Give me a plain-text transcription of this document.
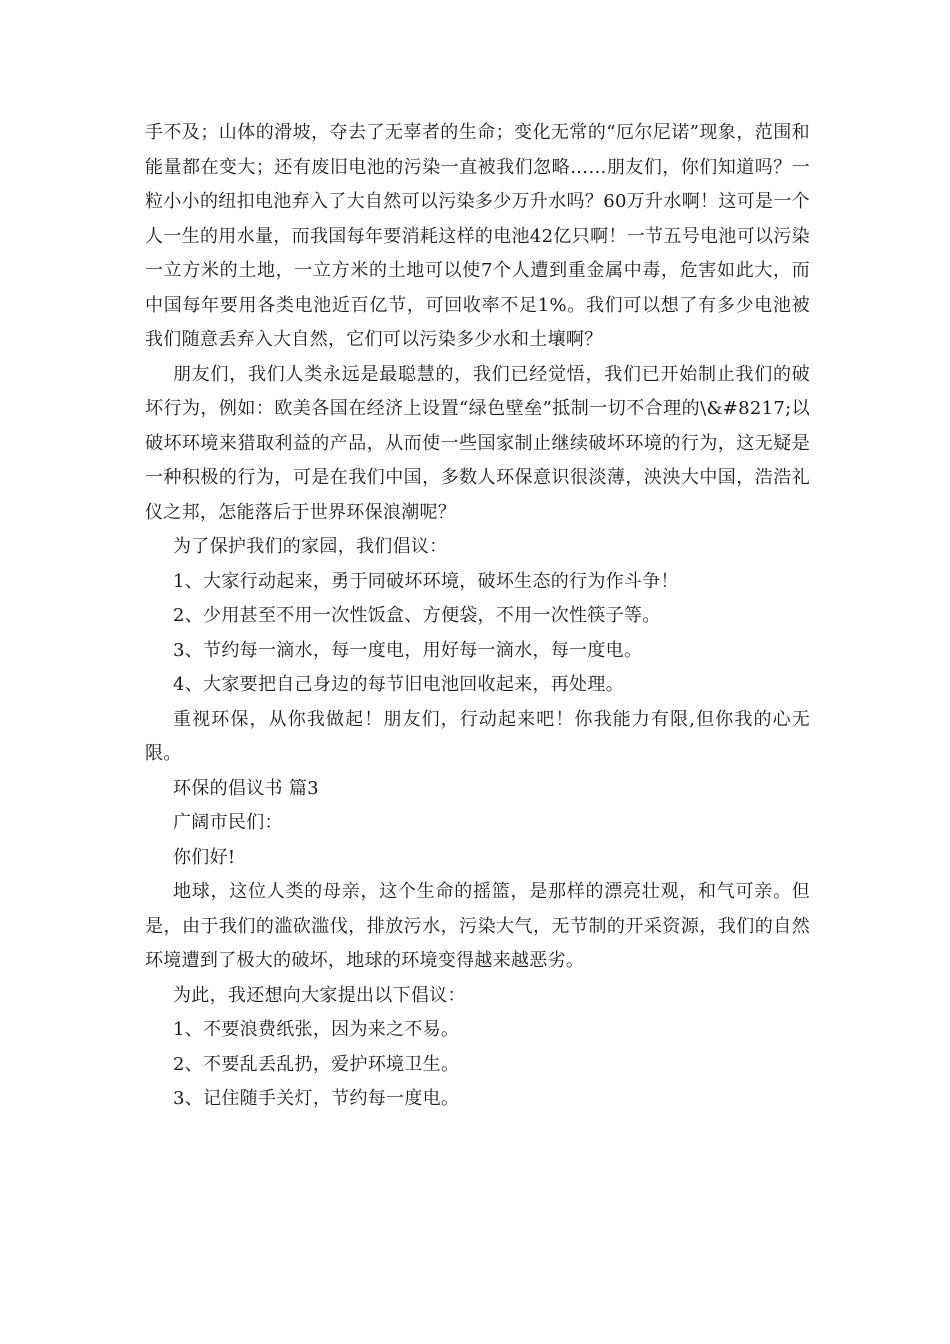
手不及；山体的滑坡，夺去了无辜者的生命；变化无常的“厄尔尼诺”现象，范围和能量都在变大；还有废旧电池的污染一直被我们忽略……朋友们，你们知道吗？一粒小小的纽扣电池弃入了大自然可以污染多少万升水吗？60万升水啊！这可是一个人一生的用水量，而我国每年要消耗这样的电池42亿只啊！一节五号电池可以污染一立方米的土地，一立方米的土地可以使7个人遭到重金属中毒，危害如此大，而中国每年要用各类电池近百亿节，可回收率不足1%。我们可以想了有多少电池被我们随意丢弃入大自然，它们可以污染多少水和土壤啊？

朋友们，我们人类永远是最聪慧的，我们已经觉悟，我们已开始制止我们的破坏行为，例如：欧美各国在经济上设置“绿色壁垒”抵制一切不合理的\&#8217;以破坏环境来猎取利益的产品，从而使一些国家制止继续破坏环境的行为，这无疑是一种积极的行为，可是在我们中国，多数人环保意识很淡薄，泱泱大中国，浩浩礼仪之邦，怎能落后于世界环保浪潮呢？

为了保护我们的家园，我们倡议：

1、大家行动起来，勇于同破坏环境，破坏生态的行为作斗争！

2、少用甚至不用一次性饭盒、方便袋，不用一次性筷子等。

3、节约每一滴水，每一度电，用好每一滴水，每一度电。

4、大家要把自己身边的每节旧电池回收起来，再处理。

重视环保，从你我做起！朋友们，行动起来吧！你我能力有限,但你我的心无限。

环保的倡议书 篇3

广阔市民们：

你们好!

地球，这位人类的母亲，这个生命的摇篮，是那样的漂亮壮观，和气可亲。但是，由于我们的滥砍滥伐，排放污水，污染大气，无节制的开采资源，我们的自然环境遭到了极大的破坏，地球的环境变得越来越恶劣。

为此，我还想向大家提出以下倡议：

1、不要浪费纸张，因为来之不易。

2、不要乱丢乱扔，爱护环境卫生。

3、记住随手关灯，节约每一度电。
